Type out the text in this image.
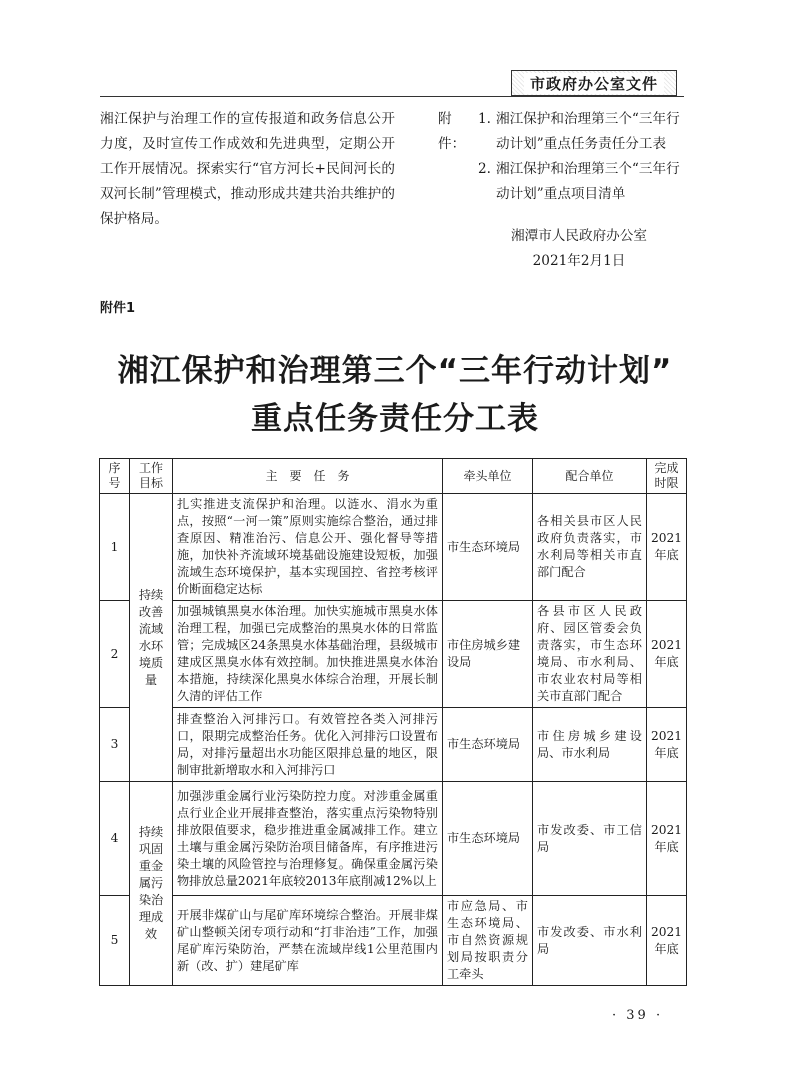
市政府办公室文件

湘江保护与治理工作的宣传报道和政务信息公开力度，及时宣传工作成效和先进典型，定期公开工作开展情况。探索实行“官方河长+民间河长的双河长制”管理模式，推动形成共建共治共维护的保护格局。

附件：
1. 湘江保护和治理第三个“三年行动计划”重点任务责任分工表
2. 湘江保护和治理第三个“三年行动计划”重点项目清单
湘潭市人民政府办公室
2021年2月1日
附件1
湘江保护和治理第三个“三年行动计划”
重点任务责任分工表
序号	工作目标	主　要　任　务	牵头单位	配合单位	完成时限
1	持续改善流域水环境质量	扎实推进支流保护和治理。以涟水、涓水为重点，按照“一河一策”原则实施综合整治，通过排查原因、精准治污、信息公开、强化督导等措施，加快补齐流域环境基础设施建设短板，加强流域生态环境保护，基本实现国控、省控考核评价断面稳定达标	市生态环境局	各相关县市区人民政府负责落实，市水利局等相关市直部门配合	2021年底
2		加强城镇黑臭水体治理。加快实施城市黑臭水体治理工程，加强已完成整治的黑臭水体的日常监管；完成城区24条黑臭水体基础治理，县级城市建成区黑臭水体有效控制。加快推进黑臭水体治本措施，持续深化黑臭水体综合治理，开展长制久清的评估工作	市住房城乡建设局	各县市区人民政府、园区管委会负责落实，市生态环境局、市水利局、市农业农村局等相关市直部门配合	2021年底
3		排查整治入河排污口。有效管控各类入河排污口，限期完成整治任务。优化入河排污口设置布局，对排污量超出水功能区限排总量的地区，限制审批新增取水和入河排污口	市生态环境局	市住房城乡建设局、市水利局	2021年底
4	持续巩固重金属污染治理成效	加强涉重金属行业污染防控力度。对涉重金属重点行业企业开展排查整治，落实重点污染物特别排放限值要求，稳步推进重金属减排工作。建立土壤与重金属污染防治项目储备库，有序推进污染土壤的风险管控与治理修复。确保重金属污染物排放总量2021年底较2013年底削减12%以上	市生态环境局	市发改委、市工信局	2021年底
5		开展非煤矿山与尾矿库环境综合整治。开展非煤矿山整顿关闭专项行动和“打非治违”工作，加强尾矿库污染防治，严禁在流域岸线1公里范围内新（改、扩）建尾矿库	市应急局、市生态环境局、市自然资源规划局按职责分工牵头	市发改委、市水利局	2021年底
· 39 ·
